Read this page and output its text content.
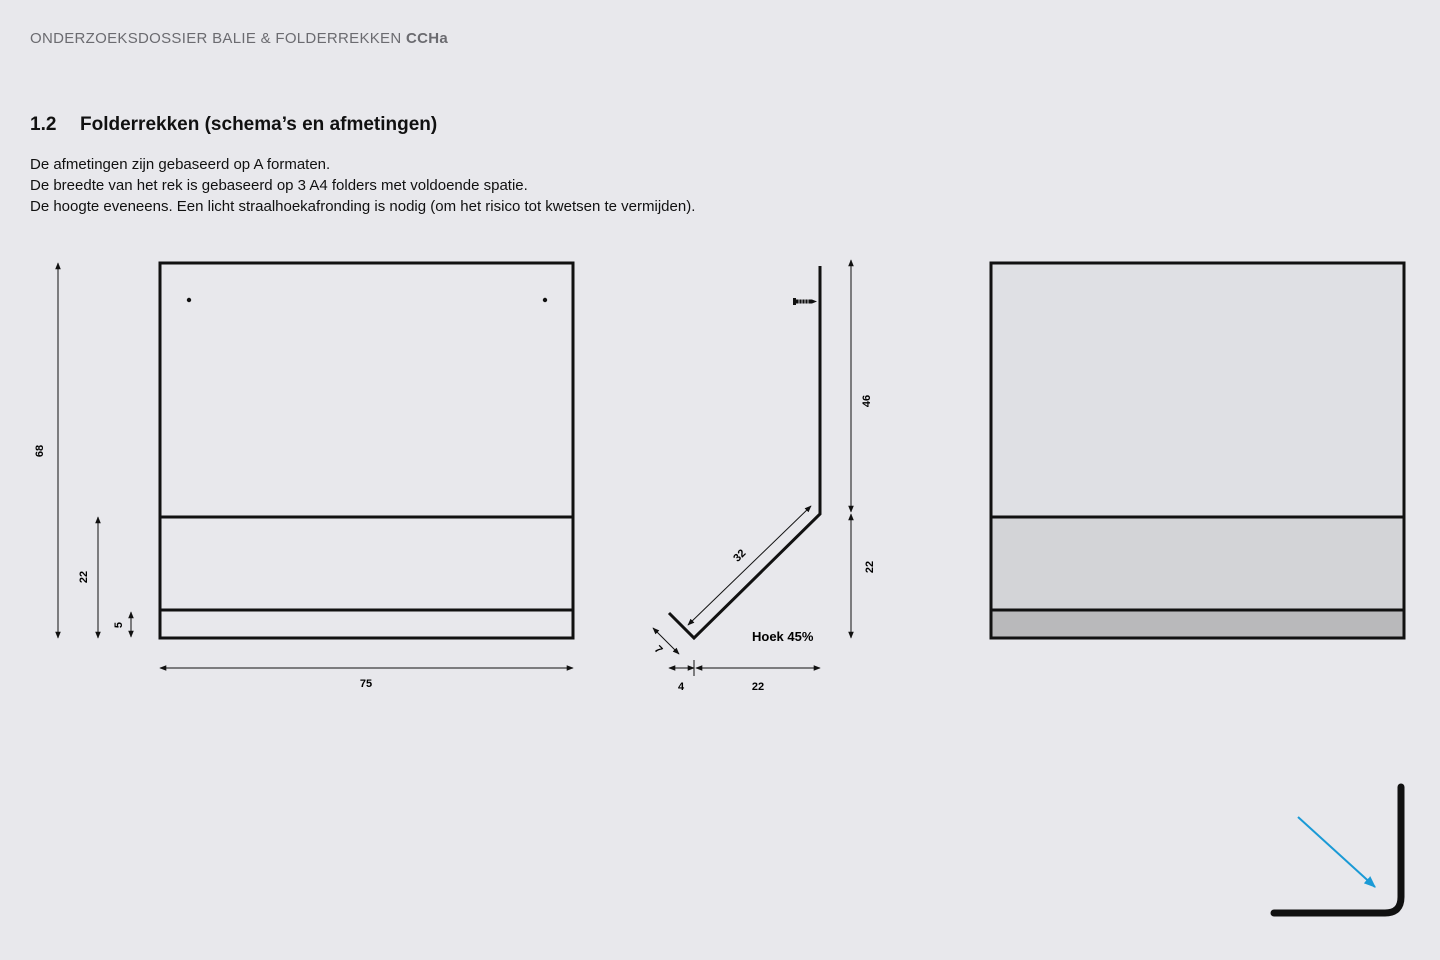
ONDERZOEKSDOSSIER BALIE & FOLDERREKKEN CCHa
1.2 Folderrekken (schema’s en afmetingen)
De afmetingen zijn gebaseerd op A formaten.
De breedte van het rek is gebaseerd op 3 A4 folders met voldoende spatie.
De hoogte eveneens. Een licht straalhoekafronding is nodig (om het risico tot kwetsen te vermijden).
68
22
5
75
46
22
32
7
4	22
Hoek 45%
